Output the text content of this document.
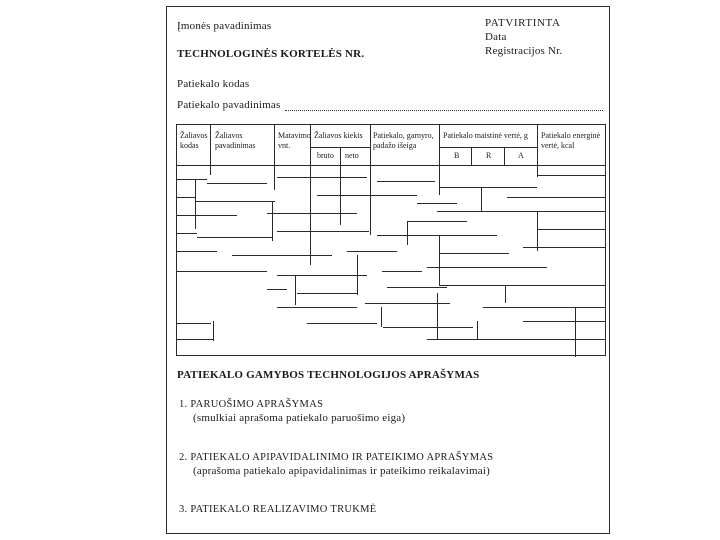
Įmonės pavadinimas
TECHNOLOGINĖS KORTELĖS NR.
PATVIRTINTA
Data
Registracijos Nr.
Patiekalo kodas
Patiekalo pavadinimas
Žaliavos kodas
Žaliavos pavadinimas
Matavimo vnt.
Žaliavos kiekis
bruto neto
Patiekalo, garnyro, padažo išeiga
Patiekalo maistinė vertė, g
B	R	A
Patiekalo energinė vertė, kcal
PATIEKALO GAMYBOS TECHNOLOGIJOS APRAŠYMAS
1. PARUOŠIMO APRAŠYMAS
(smulkiai aprašoma patiekalo paruošimo eiga)
2. PATIEKALO APIPAVIDALINIMO IR PATEIKIMO APRAŠYMAS
(aprašoma patiekalo apipavidalinimas ir pateikimo reikalavimai)
3. PATIEKALO REALIZAVIMO TRUKMĖ
